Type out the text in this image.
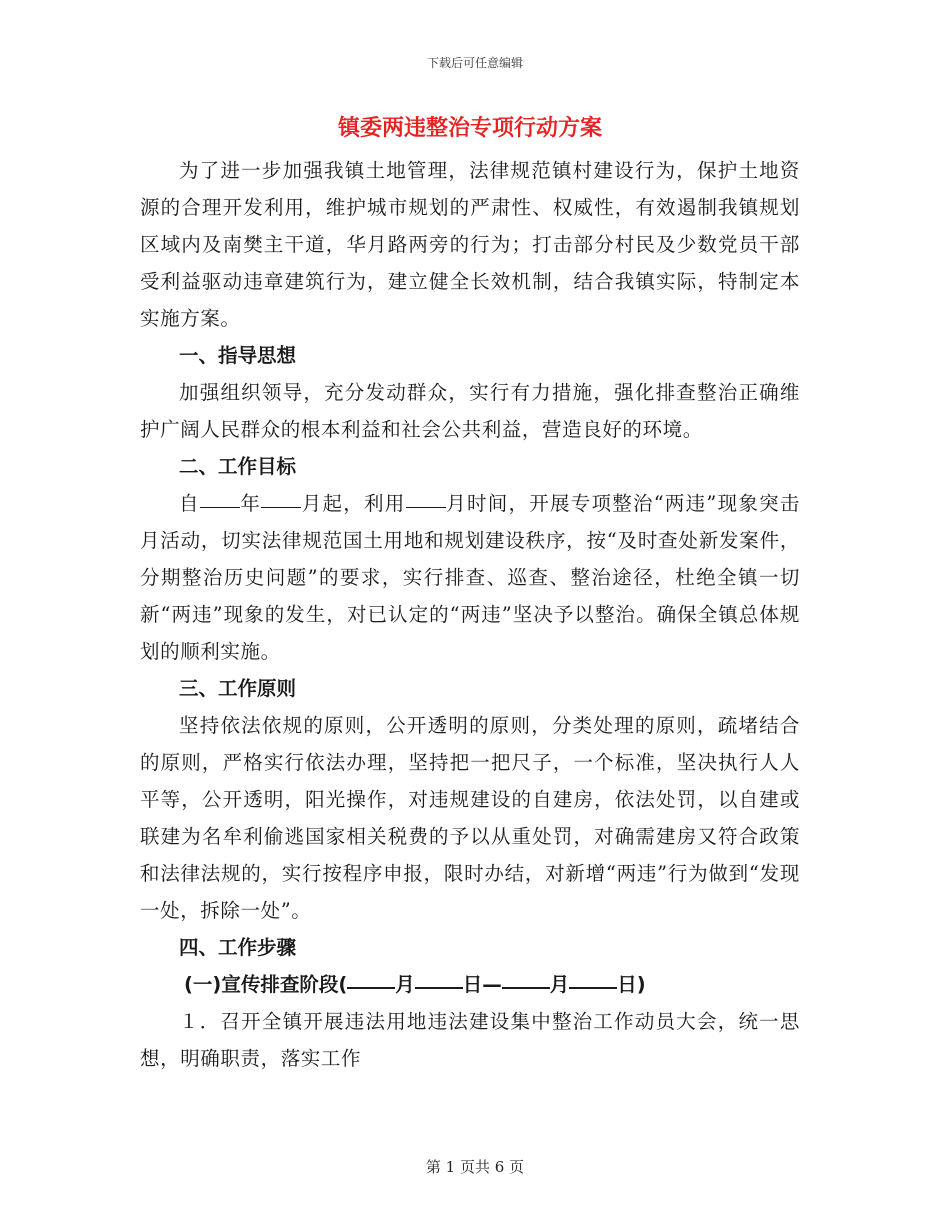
下载后可任意编辑
镇委两违整治专项行动方案

为了进一步加强我镇土地管理，法律规范镇村建设行为，保护土地资源的合理开发利用，维护城市规划的严肃性、权威性，有效遏制我镇规划区域内及南樊主干道，华月路两旁的行为；打击部分村民及少数党员干部受利益驱动违章建筑行为，建立健全长效机制，结合我镇实际，特制定本实施方案。

一、指导思想

加强组织领导，充分发动群众，实行有力措施，强化排查整治正确维护广阔人民群众的根本利益和社会公共利益，营造良好的环境。

二、工作目标

自 年 月起，利用 月时间，开展专项整治“两违”现象突击月活动，切实法律规范国土用地和规划建设秩序，按“及时查处新发案件，分期整治历史问题”的要求，实行排查、巡查、整治途径，杜绝全镇一切新“两违”现象的发生，对已认定的“两违”坚决予以整治。确保全镇总体规划的顺利实施。

三、工作原则

坚持依法依规的原则，公开透明的原则，分类处理的原则，疏堵结合的原则，严格实行依法办理，坚持把一把尺子，一个标准，坚决执行人人平等，公开透明，阳光操作，对违规建设的自建房，依法处罚，以自建或联建为名牟利偷逃国家相关税费的予以从重处罚，对确需建房又符合政策和法律法规的，实行按程序申报，限时办结，对新增“两违”行为做到“发现一处，拆除一处”。

四、工作步骤

(一)宣传排查阶段( 月 日— 月 日)

１．召开全镇开展违法用地违法建设集中整治工作动员大会，统一思想，明确职责，落实工作

第 1 页共 6 页
